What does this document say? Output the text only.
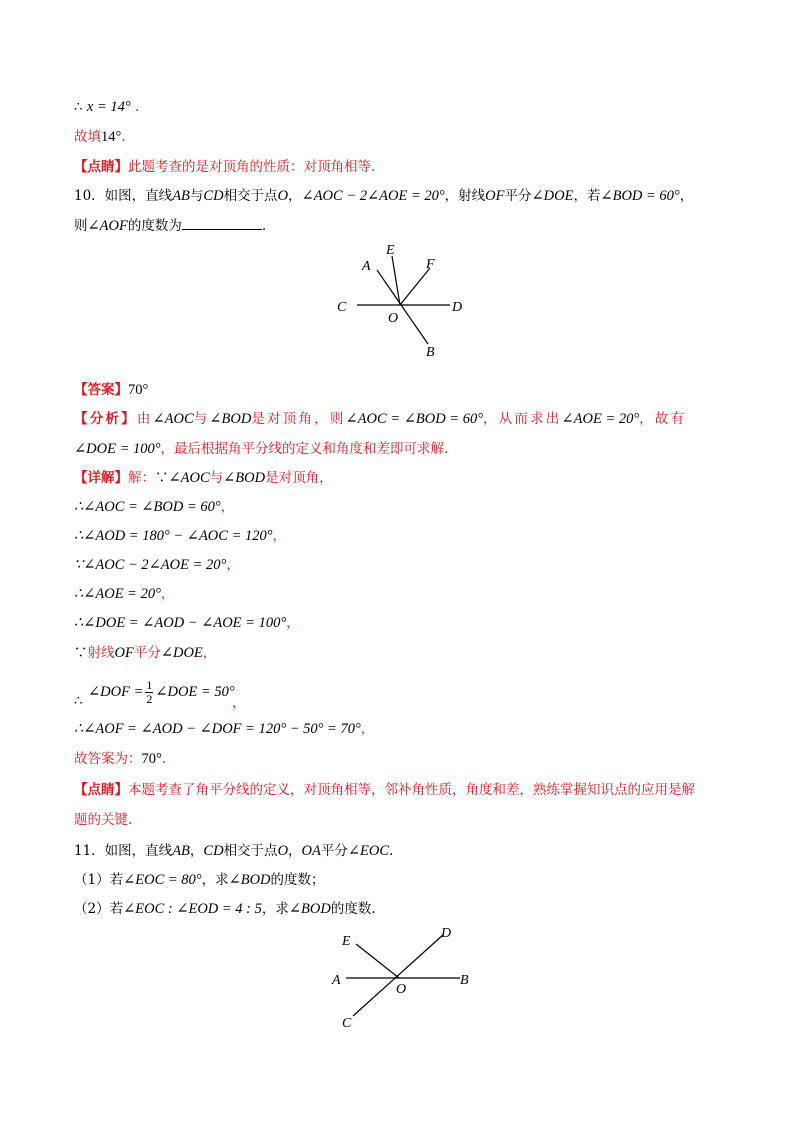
∴ x = 14° .
故填14°.
【点睛】此题考查的是对顶角的性质：对顶角相等.
10．如图，直线AB与CD相交于点O，∠AOC − 2∠AOE = 20°，射线OF平分∠DOE，若∠BOD = 60°，
则∠AOF的度数为	.
A
E
F
C
O
D
B
【答案】70°
【分析】由∠AOC与∠BOD是对顶角，则∠AOC = ∠BOD = 60°，从而求出∠AOE = 20°，故有
∠DOE = 100°，最后根据角平分线的定义和角度和差即可求解.
【详解】解：∵∠AOC与∠BOD是对顶角，
∴∠AOC = ∠BOD = 60°，
∴∠AOD = 180° − ∠AOC = 120°，
∵∠AOC − 2∠AOE = 20°，
∴∠AOE = 20°，
∴∠DOE = ∠AOD − ∠AOE = 100°，
∵射线OF平分∠DOE，
∴
∠DOF = $\frac{1}{2}$ ∠DOE = 50°
，
∴∠AOF = ∠AOD − ∠DOF = 120° − 50° = 70°，
故答案为：70°.
【点睛】本题考查了角平分线的定义，对顶角相等，邻补角性质，角度和差，熟练掌握知识点的应用是解
题的关键.
11．如图，直线AB，CD相交于点O，OA平分∠EOC.
（1）若∠EOC = 80°，求∠BOD的度数；
（2）若∠EOC : ∠EOD = 4 : 5，求∠BOD的度数.
E
D
A
O
B
C
